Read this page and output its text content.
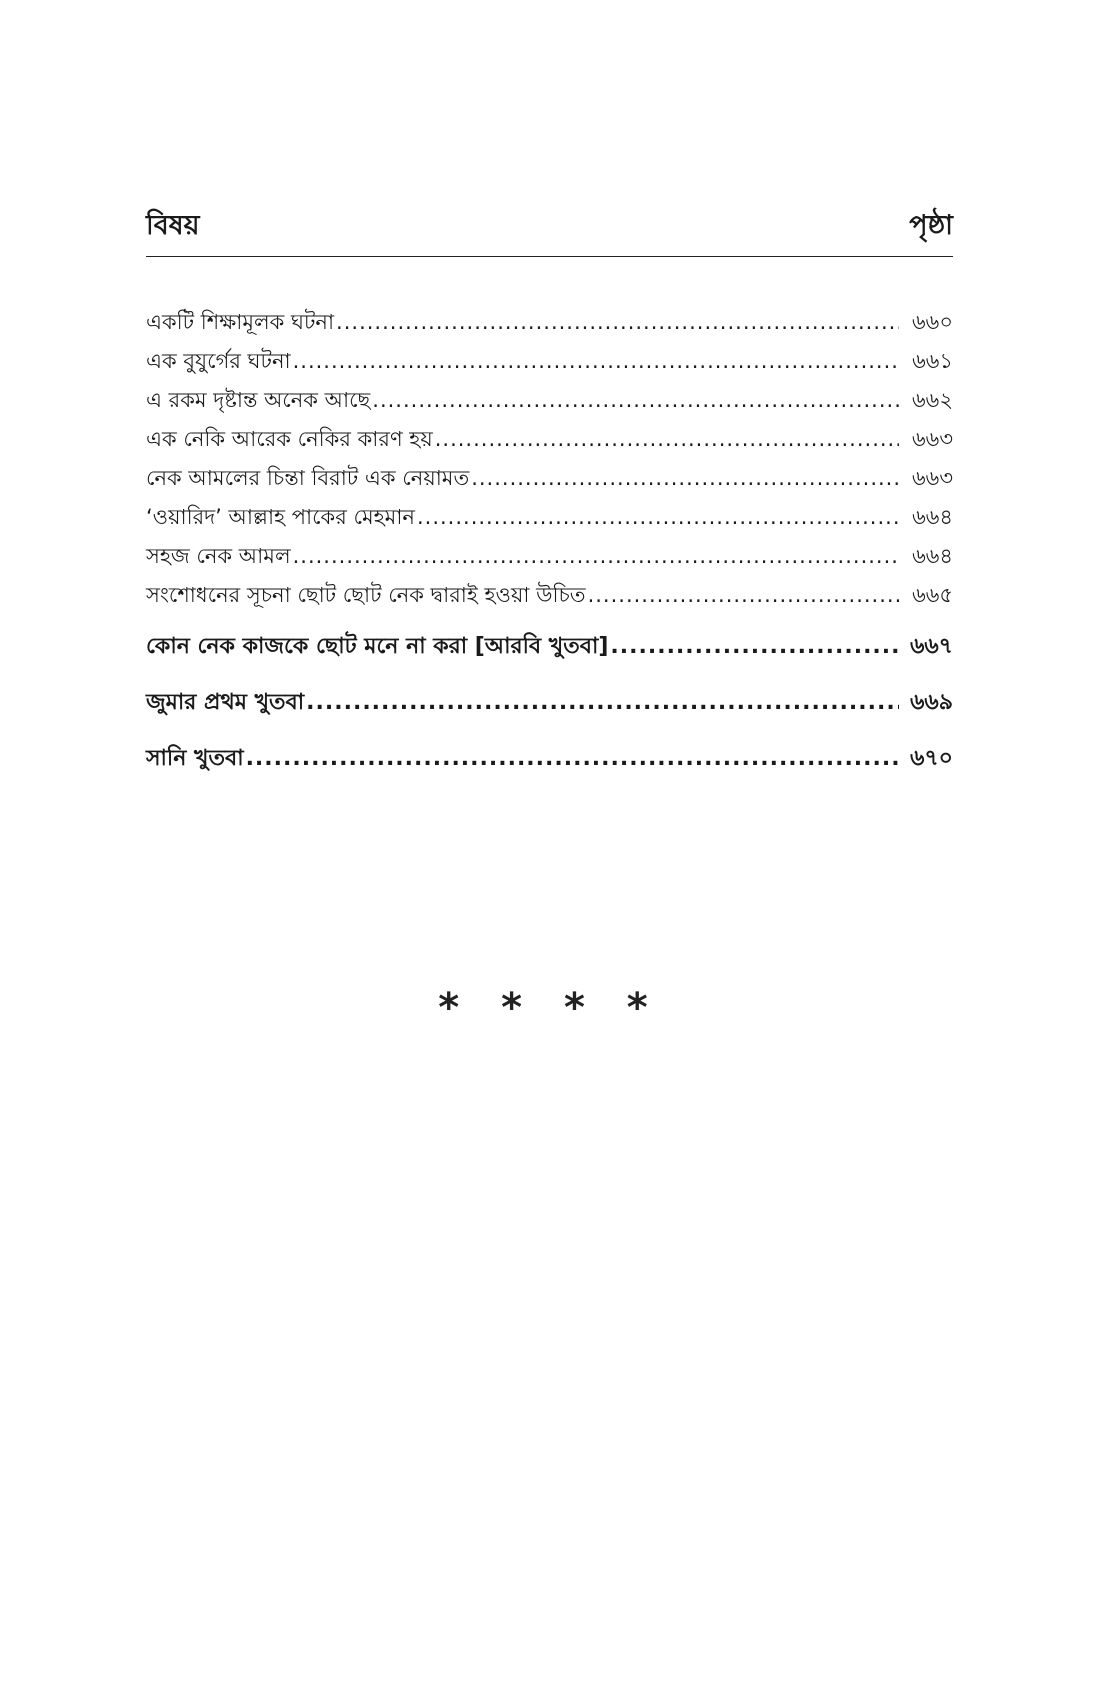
বিষয়	পৃষ্ঠা
একটি শিক্ষামূলক ঘটনা .....	৬৬০
এক বুযুর্গের ঘটনা .....	৬৬১
এ রকম দৃষ্টান্ত অনেক আছে .....	৬৬২
এক নেকি আরেক নেকির কারণ হয় .....	৬৬৩
নেক আমলের চিন্তা বিরাট এক নেয়ামত .....	৬৬৩
‘ওয়ারিদ’ আল্লাহ পাকের মেহমান .....	৬৬৪
সহজ নেক আমল .....	৬৬৪
সংশোধনের সূচনা ছোট ছোট নেক দ্বারাই হওয়া উচিত .....	৬৬৫
কোন নেক কাজকে ছোট মনে না করা [আরবি খুতবা] .....	৬৬৭
জুমার প্রথম খুতবা .....	৬৬৯
সানি খুতবা .....	৬৭০
* * * *
